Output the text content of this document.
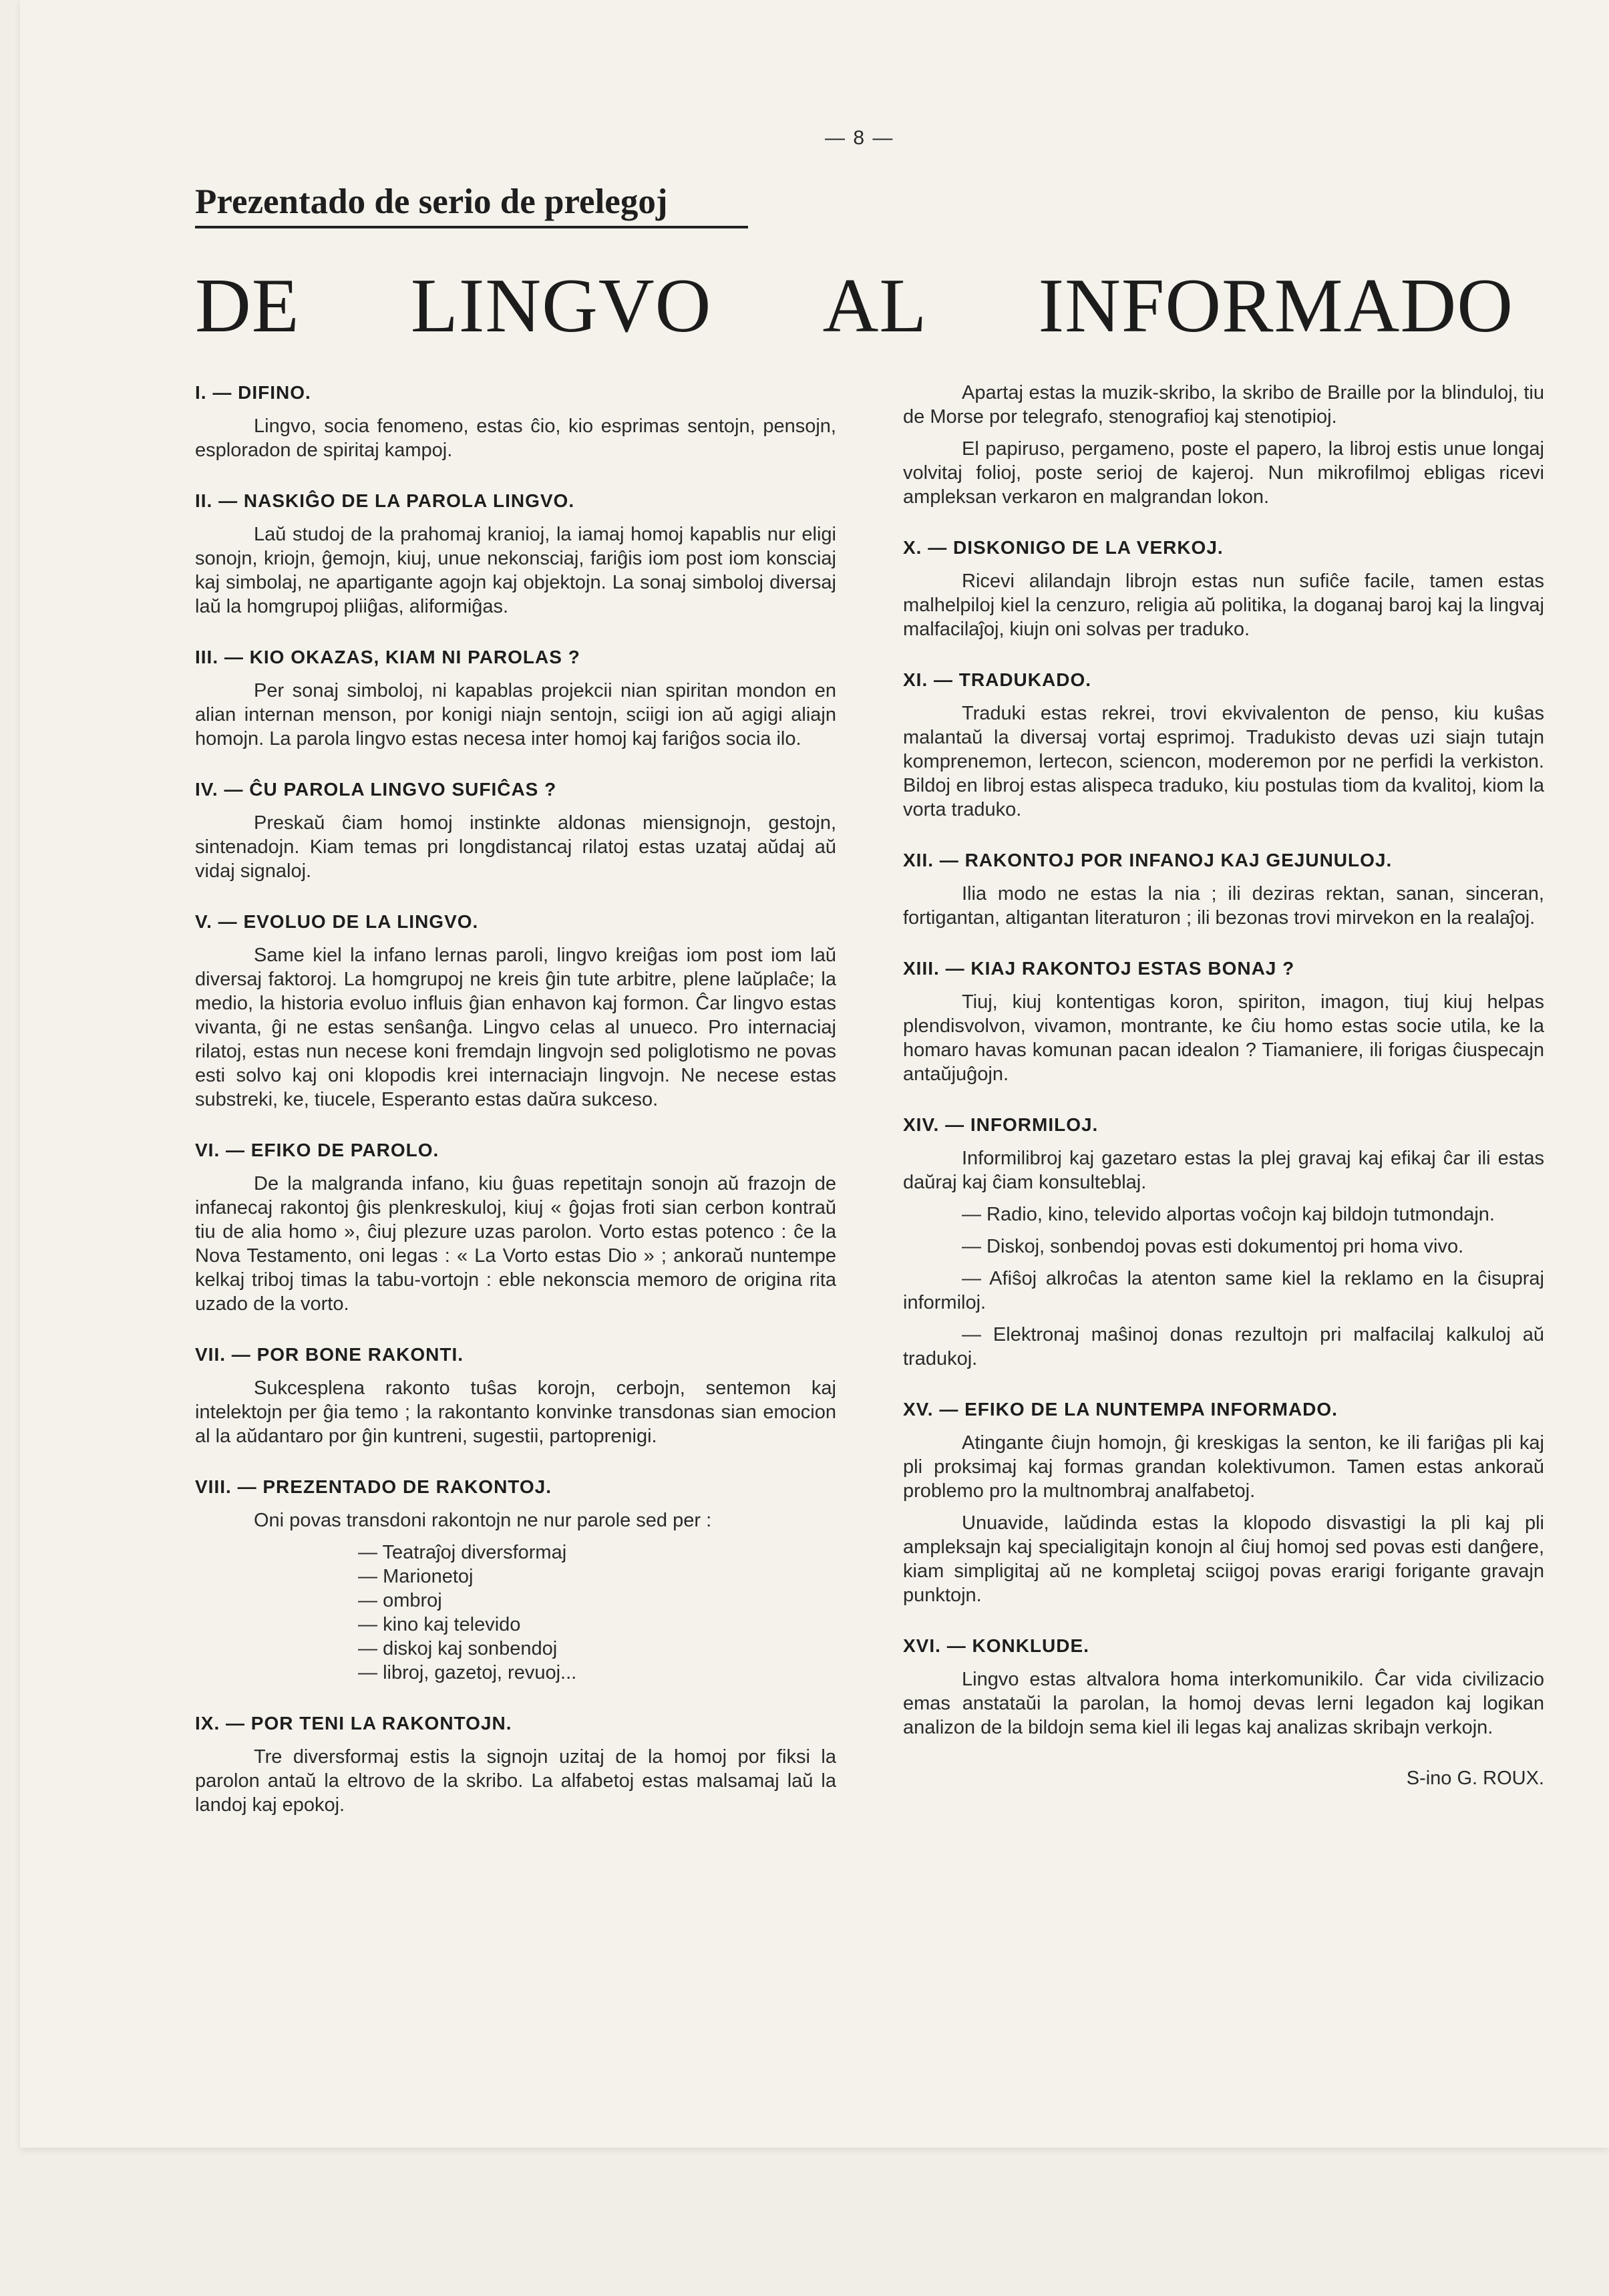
— 8 —
Prezentado de serio de prelegoj
DE LINGVO AL INFORMADO
I. — DIFINO.

Lingvo, socia fenomeno, estas ĉio, kio esprimas sentojn, pensojn, esploradon de spiritaj kampoj.

II. — NASKIĜO DE LA PAROLA LINGVO.

Laŭ studoj de la prahomaj kranioj, la iamaj homoj kapablis nur eligi sonojn, kriojn, ĝemojn, kiuj, unue nekonsciaj, fariĝis iom post iom konsciaj kaj simbolaj, ne apartigante agojn kaj objektojn. La sonaj simboloj diversaj laŭ la homgrupoj pliiĝas, aliformiĝas.

III. — KIO OKAZAS, KIAM NI PAROLAS ?

Per sonaj simboloj, ni kapablas projekcii nian spiritan mondon en alian internan menson, por konigi niajn sentojn, sciigi ion aŭ agigi aliajn homojn. La parola lingvo estas necesa inter homoj kaj fariĝos socia ilo.

IV. — ĈU PAROLA LINGVO SUFIĈAS ?

Preskaŭ ĉiam homoj instinkte aldonas miensignojn, gestojn, sintenadojn. Kiam temas pri longdistancaj rilatoj estas uzataj aŭdaj aŭ vidaj signaloj.

V. — EVOLUO DE LA LINGVO.

Same kiel la infano lernas paroli, lingvo kreiĝas iom post iom laŭ diversaj faktoroj. La homgrupoj ne kreis ĝin tute arbitre, plene laŭplaĉe; la medio, la historia evoluo influis ĝian enhavon kaj formon. Ĉar lingvo estas vivanta, ĝi ne estas senŝanĝa. Lingvo celas al unueco. Pro internaciaj rilatoj, estas nun necese koni fremdajn lingvojn sed poliglotismo ne povas esti solvo kaj oni klopodis krei internaciajn lingvojn. Ne necese estas substreki, ke, tiucele, Esperanto estas daŭra sukceso.

VI. — EFIKO DE PAROLO.

De la malgranda infano, kiu ĝuas repetitajn sonojn aŭ frazojn de infanecaj rakontoj ĝis plenkreskuloj, kiuj « ĝojas froti sian cerbon kontraŭ tiu de alia homo », ĉiuj plezure uzas parolon. Vorto estas potenco : ĉe la Nova Testamento, oni legas : « La Vorto estas Dio » ; ankoraŭ nuntempe kelkaj triboj timas la tabu-vortojn : eble nekonscia memoro de origina rita uzado de la vorto.

VII. — POR BONE RAKONTI.

Sukcesplena rakonto tuŝas korojn, cerbojn, sentemon kaj intelektojn per ĝia temo ; la rakontanto konvinke transdonas sian emocion al la aŭdantaro por ĝin kuntreni, sugestii, partoprenigi.

VIII. — PREZENTADO DE RAKONTOJ.

Oni povas transdoni rakontojn ne nur parole sed per :

— Teatraĵoj diversformaj
— Marionetoj
— ombroj
— kino kaj televido
— diskoj kaj sonbendoj
— libroj, gazetoj, revuoj...
IX. — POR TENI LA RAKONTOJN.

Tre diversformaj estis la signojn uzitaj de la homoj por fiksi la parolon antaŭ la eltrovo de la skribo. La alfabetoj estas malsamaj laŭ la landoj kaj epokoj.

Apartaj estas la muzik-skribo, la skribo de Braille por la blinduloj, tiu de Morse por telegrafo, stenografioj kaj stenotipioj.

El papiruso, pergameno, poste el papero, la libroj estis unue longaj volvitaj folioj, poste serioj de kajeroj. Nun mikrofilmoj ebligas ricevi ampleksan verkaron en malgrandan lokon.

X. — DISKONIGO DE LA VERKOJ.

Ricevi alilandajn librojn estas nun sufiĉe facile, tamen estas malhelpiloj kiel la cenzuro, religia aŭ politika, la doganaj baroj kaj la lingvaj malfacilaĵoj, kiujn oni solvas per traduko.

XI. — TRADUKADO.

Traduki estas rekrei, trovi ekvivalenton de penso, kiu kuŝas malantaŭ la diversaj vortaj esprimoj. Tradukisto devas uzi siajn tutajn komprenemon, lertecon, sciencon, moderemon por ne perfidi la verkiston. Bildoj en libroj estas alispeca traduko, kiu postulas tiom da kvalitoj, kiom la vorta traduko.

XII. — RAKONTOJ POR INFANOJ KAJ GEJUNULOJ.

Ilia modo ne estas la nia ; ili deziras rektan, sanan, sinceran, fortigantan, altigantan literaturon ; ili bezonas trovi mirvekon en la realaĵoj.

XIII. — KIAJ RAKONTOJ ESTAS BONAJ ?

Tiuj, kiuj kontentigas koron, spiriton, imagon, tiuj kiuj helpas plendisvolvon, vivamon, montrante, ke ĉiu homo estas socie utila, ke la homaro havas komunan pacan idealon ? Tiamaniere, ili forigas ĉiuspecajn antaŭjuĝojn.

XIV. — INFORMILOJ.

Informilibroj kaj gazetaro estas la plej gravaj kaj efikaj ĉar ili estas daŭraj kaj ĉiam konsulteblaj.

— Radio, kino, televido alportas voĉojn kaj bildojn tutmondajn.

— Diskoj, sonbendoj povas esti dokumentoj pri homa vivo.

— Afiŝoj alkroĉas la atenton same kiel la reklamo en la ĉisupraj informiloj.

— Elektronaj maŝinoj donas rezultojn pri malfacilaj kalkuloj aŭ tradukoj.

XV. — EFIKO DE LA NUNTEMPA INFORMADO.

Atingante ĉiujn homojn, ĝi kreskigas la senton, ke ili fariĝas pli kaj pli proksimaj kaj formas grandan kolektivumon. Tamen estas ankoraŭ problemo pro la multnombraj analfabetoj.

Unuavide, laŭdinda estas la klopodo disvastigi la pli kaj pli ampleksajn kaj specialigitajn konojn al ĉiuj homoj sed povas esti danĝere, kiam simpligitaj aŭ ne kompletaj sciigoj povas erarigi forigante gravajn punktojn.

XVI. — KONKLUDE.

Lingvo estas altvalora homa interkomunikilo. Ĉar vida civilizacio emas anstataŭi la parolan, la homoj devas lerni legadon kaj logikan analizon de la bildojn sema kiel ili legas kaj analizas skribajn verkojn.

S-ino G. ROUX.
